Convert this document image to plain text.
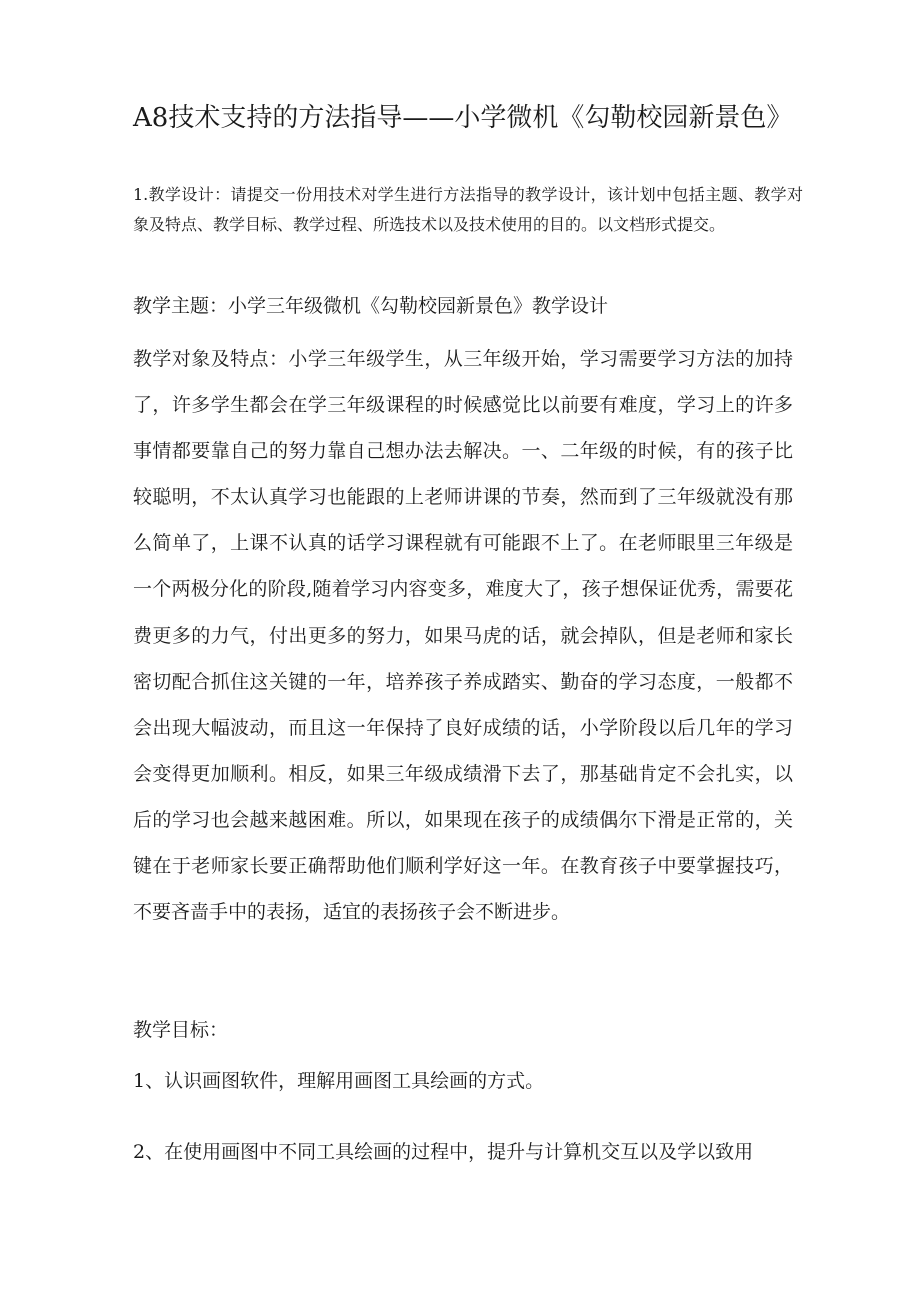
A8技术支持的方法指导——小学微机《勾勒校园新景色》

1.教学设计：请提交一份用技术对学生进行方法指导的教学设计，该计划中包括主题、教学对象及特点、教学目标、教学过程、所选技术以及技术使用的目的。以文档形式提交。

教学主题：小学三年级微机《勾勒校园新景色》教学设计

教学对象及特点：小学三年级学生，从三年级开始，学习需要学习方法的加持了，许多学生都会在学三年级课程的时候感觉比以前要有难度，学习上的许多事情都要靠自己的努力靠自己想办法去解决。一、二年级的时候，有的孩子比较聪明，不太认真学习也能跟的上老师讲课的节奏，然而到了三年级就没有那么简单了，上课不认真的话学习课程就有可能跟不上了。在老师眼里三年级是一个两极分化的阶段,随着学习内容变多，难度大了，孩子想保证优秀，需要花费更多的力气，付出更多的努力，如果马虎的话，就会掉队，但是老师和家长密切配合抓住这关键的一年，培养孩子养成踏实、勤奋的学习态度，一般都不会出现大幅波动，而且这一年保持了良好成绩的话，小学阶段以后几年的学习会变得更加顺利。相反，如果三年级成绩滑下去了，那基础肯定不会扎实，以后的学习也会越来越困难。所以，如果现在孩子的成绩偶尔下滑是正常的，关键在于老师家长要正确帮助他们顺利学好这一年。在教育孩子中要掌握技巧，不要吝啬手中的表扬，适宜的表扬孩子会不断进步。

教学目标：

1、认识画图软件，理解用画图工具绘画的方式。

2、在使用画图中不同工具绘画的过程中，提升与计算机交互以及学以致用
